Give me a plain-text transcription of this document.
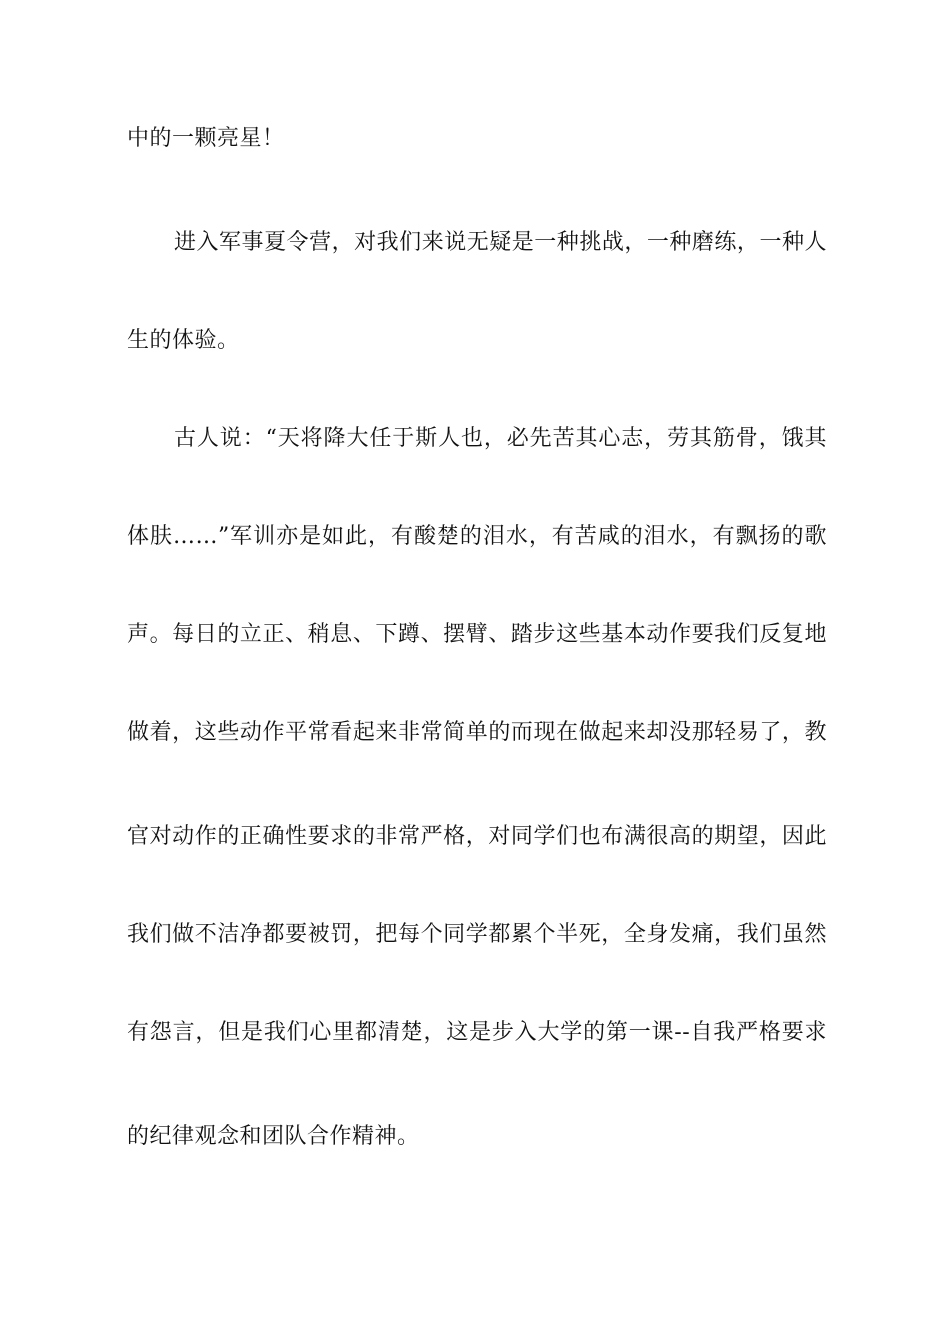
中的一颗亮星！
进入军事夏令营，对我们来说无疑是一种挑战，一种磨练，一种人
生的体验。
古人说：“天将降大任于斯人也，必先苦其心志，劳其筋骨，饿其
体肤……”军训亦是如此，有酸楚的泪水，有苦咸的泪水，有飘扬的歌
声。每日的立正、稍息、下蹲、摆臂、踏步这些基本动作要我们反复地
做着，这些动作平常看起来非常简单的而现在做起来却没那轻易了，教
官对动作的正确性要求的非常严格，对同学们也布满很高的期望，因此
我们做不洁净都要被罚，把每个同学都累个半死，全身发痛，我们虽然
有怨言，但是我们心里都清楚，这是步入大学的第一课--自我严格要求
的纪律观念和团队合作精神。
